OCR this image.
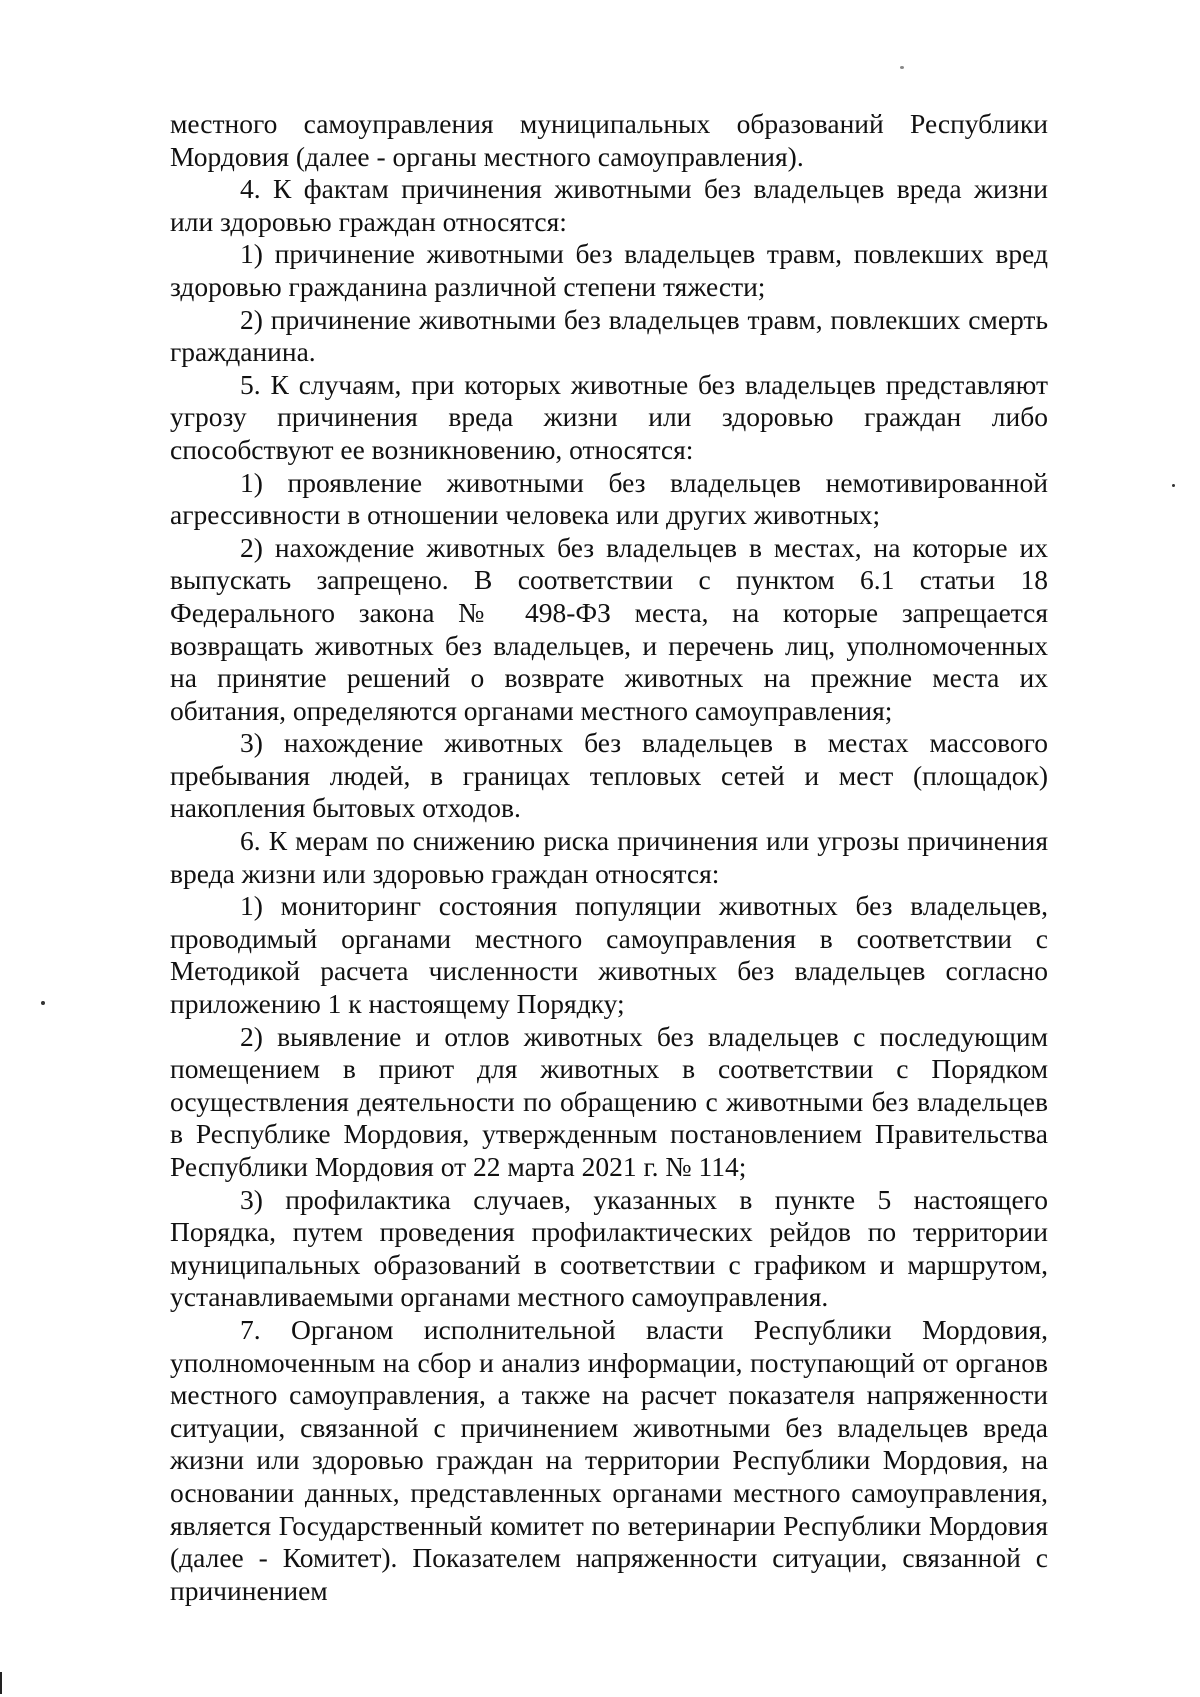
местного самоуправления муниципальных образований Республики Мордовия (далее - органы местного самоуправления).

4. К фактам причинения животными без владельцев вреда жизни или здоровью граждан относятся:

1) причинение животными без владельцев травм, повлекших вред здоровью гражданина различной степени тяжести;

2) причинение животными без владельцев травм, повлекших смерть гражданина.

5. К случаям, при которых животные без владельцев представляют угрозу причинения вреда жизни или здоровью граждан либо способствуют ее возникновению, относятся:

1) проявление животными без владельцев немотивированной агрессивности в отношении человека или других животных;

2) нахождение животных без владельцев в местах, на которые их выпускать запрещено. В соответствии с пунктом 6.1 статьи 18 Федерального закона № 498-ФЗ места, на которые запрещается возвращать животных без владельцев, и перечень лиц, уполномоченных на принятие решений о возврате животных на прежние места их обитания, определяются органами местного самоуправления;

3) нахождение животных без владельцев в местах массового пребывания людей, в границах тепловых сетей и мест (площадок) накопления бытовых отходов.

6. К мерам по снижению риска причинения или угрозы причинения вреда жизни или здоровью граждан относятся:

1) мониторинг состояния популяции животных без владельцев, проводимый органами местного самоуправления в соответствии с Методикой расчета численности животных без владельцев согласно приложению 1 к настоящему Порядку;

2) выявление и отлов животных без владельцев с последующим помещением в приют для животных в соответствии с Порядком осуществления деятельности по обращению с животными без владельцев в Республике Мордовия, утвержденным постановлением Правительства Республики Мордовия от 22 марта 2021 г. № 114;

3) профилактика случаев, указанных в пункте 5 настоящего Порядка, путем проведения профилактических рейдов по территории муниципальных образований в соответствии с графиком и маршрутом, устанавливаемыми органами местного самоуправления.

7. Органом исполнительной власти Республики Мордовия, уполномоченным на сбор и анализ информации, поступающий от органов местного самоуправления, а также на расчет показателя напряженности ситуации, связанной с причинением животными без владельцев вреда жизни или здоровью граждан на территории Республики Мордовия, на основании данных, представленных органами местного самоуправления, является Государственный комитет по ветеринарии Республики Мордовия (далее - Комитет). Показателем напряженности ситуации, связанной с причинением
